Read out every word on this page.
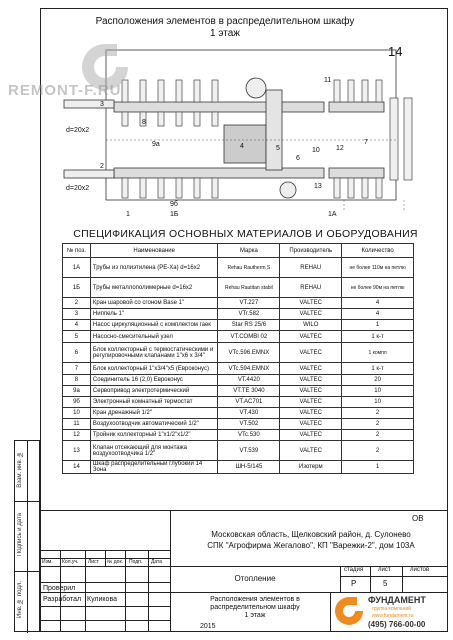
Взам. инв. №
Подпись и дата
Инв. № подл.
Расположения элементов в распределительном шкафу
1 этаж
14
d=20x2
d=20x2
3
2
9а
9б
8
4	5
6
7
11
12
13
10
1	1Б	1А
REMONT-F.RU
СПЕЦИФИКАЦИЯ ОСНОВНЫХ МАТЕРИАЛОВ И ОБОРУДОВАНИЯ
№ поз.	Наименование	Марка	Производитель	Количество
1А	Трубы из полиэтилена (PE-Xa) d=16x2	Rehau Rautherm S	REHAU	не более 110м на петлю
1Б	Трубы металлополимерные d=16x2	Rehau Rautitan stabil	REHAU	не более 90м на петлю
2	Кран шаровой со сгоном Base 1"	VT.227	VALTEC	4
3	Ниппель 1"	VTr.582	VALTEC	4
4	Насос циркуляционный с комплектом гаек	Star RS 25/6	WILO	1
5	Насосно-смесительный узел	VT.COMBI 02	VALTEC	1 к-т
6	Блок коллекторный с термостатическими и регулировочными клапанами 1"x6 x 3/4"	VTc.596.EMNX	VALTEC	1 компл
7	Блок коллекторный 1"x3/4"x5 (Евроконус)	VTc.594.EMNX	VALTEC	1 к-т
8	Соединитель 16 (2,0) Евроконус	VT.4420	VALTEC	20
9а	Сервопривод электротермический	VT.TE 3040	VALTEC	10
9б	Электронный комнатный термостат	VT.AC701	VALTEC	10
10	Кран дренажный 1/2"	VT.430	VALTEC	2
11	Воздухоотводчик автоматический 1/2"	VT.502	VALTEC	2
12	Тройник коллекторный 1"x1/2"x1/2"	VTc.530	VALTEC	2
13	Клапан отсекающий для монтажа воздухоотводчика 1/2"	VT.539	VALTEC	2
14	Шкаф распределительный глубокий 14 Зона	ШН-5/145	Изотерм	1
ОВ
Московская область, Щелковский район, д. Сулонево
СПК "Агрофирма Жегалово", КП "Варежки-2", дом 103А
Изм. Кол.уч. Лист № док. Подп. Дата
Отопление
стадия лист	листов
Р	5
Проверил
Разработал Куликова	Расположения элементов в
распределительном шкафу
1 этаж
2015
ФУНДАМЕНТ
группа компаний
www.fundament.ru
(495) 766-00-00
